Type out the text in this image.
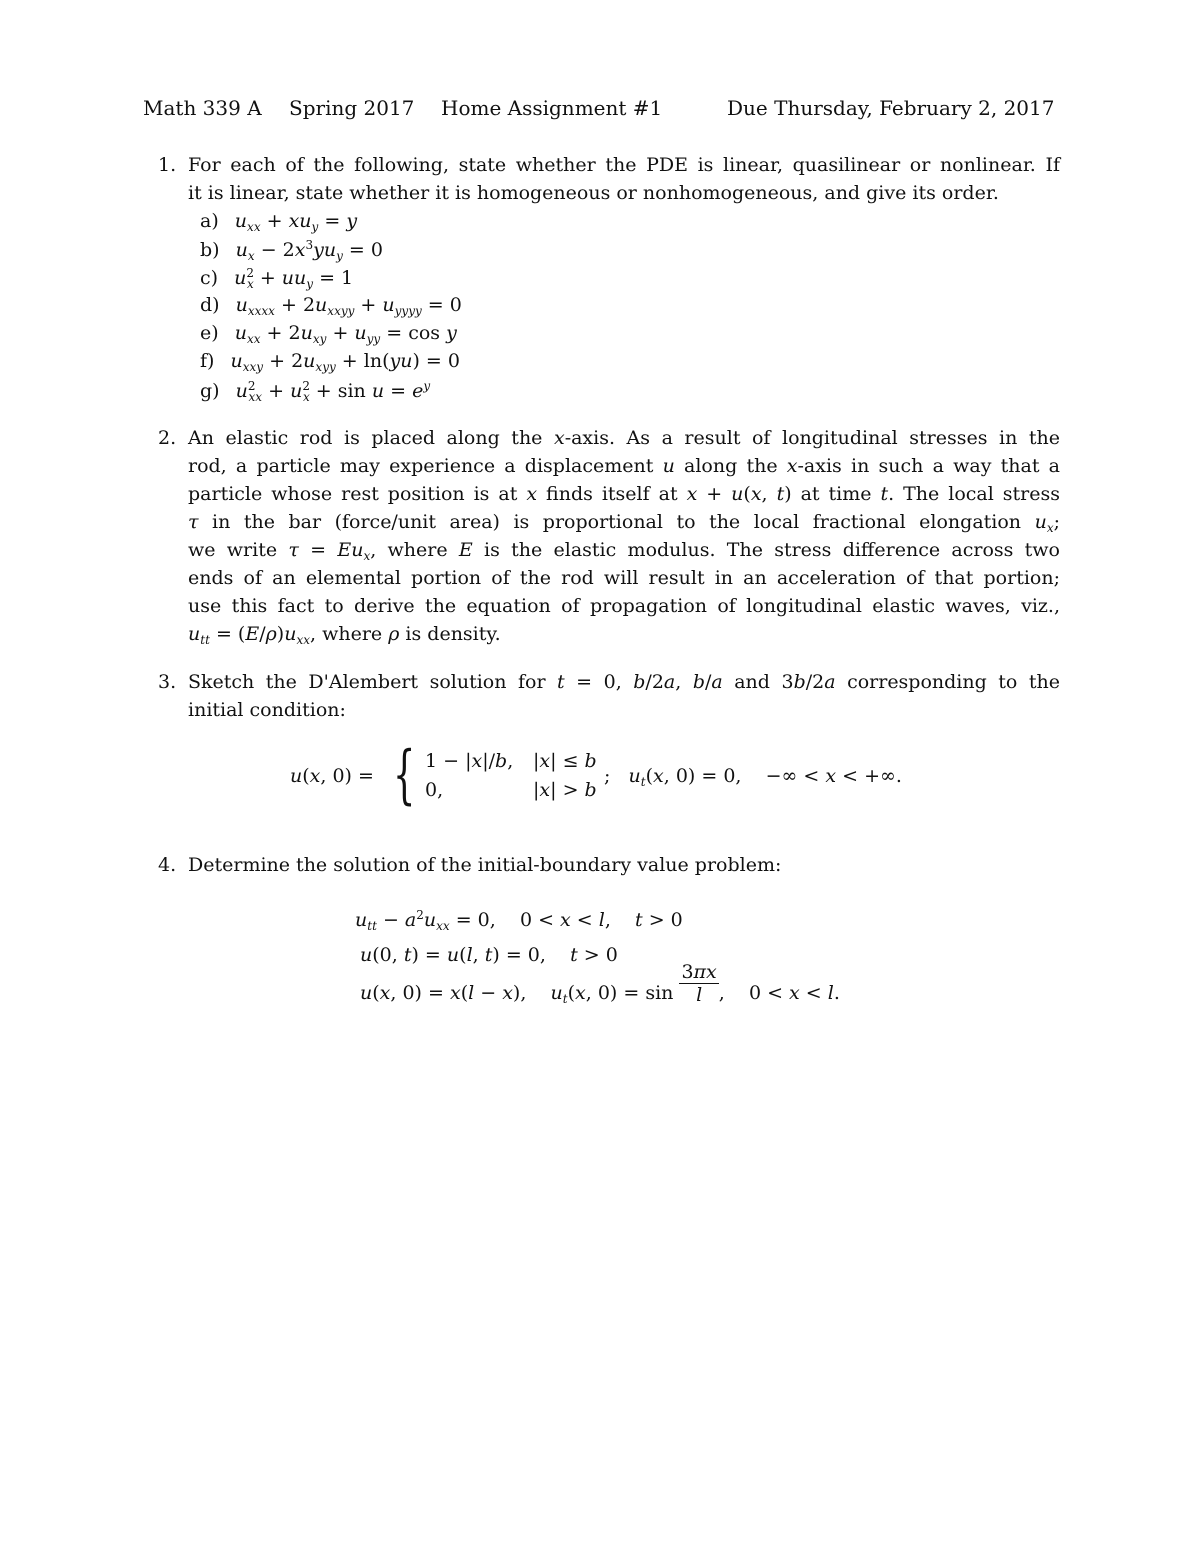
Math 339 A Spring 2017 Home Assignment #1	Due Thursday, February 2, 2017
1. For each of the following, state whether the PDE is linear, quasilinear or nonlinear. If
it is linear, state whether it is homogeneous or nonhomogeneous, and give its order.
a) $u_{xx} + xu_y = y$
b) $u_x - 2x^3yu_y = 0$
c) $u^2_x + uu_y = 1$
d) $u_{xxxx} + 2u_{xxyy} + u_{yyyy} = 0$
e) $u_{xx} + 2u_{xy} + u_{yy} = \cos y$
f) $u_{xxy} + 2u_{xyy} + \ln(yu) = 0$
g) $u^2_{xx} + u^2_x + \sin u = e^y$
2. An elastic rod is placed along the x-axis. As a result of longitudinal stresses in the
rod, a particle may experience a displacement u along the x-axis in such a way that a
particle whose rest position is at x finds itself at x + u(x, t) at time t. The local stress
τ in the bar (force/unit area) is proportional to the local fractional elongation $u_x$;
we write $\tau = Eu_x$, where E is the elastic modulus. The stress difference across two
ends of an elemental portion of the rod will result in an acceleration of that portion;
use this fact to derive the equation of propagation of longitudinal elastic waves, viz.,
$u_{tt} = (E/\rho)u_{xx}$, where ρ is density.
3. Sketch the D'Alembert solution for t = 0, b/2a, b/a and 3b/2a corresponding to the
initial condition:
u(x, 0) = { 1 − |x|/b, |x| ≤ b
0,	|x| > b
;   $u_t(x$, 0) = 0,    −∞ < x < +∞.
4. Determine the solution of the initial-boundary value problem:
$u_{tt} - a^2u_{xx} = 0$,    0 < x < l,    t > 0
u(0, t) = u(l, t) = 0,    t > 0
u(x, 0) = x(l − x),    $u_t(x$, $0) = \sin \frac{3\pi x}{l}$ ,    0 < x < l.
